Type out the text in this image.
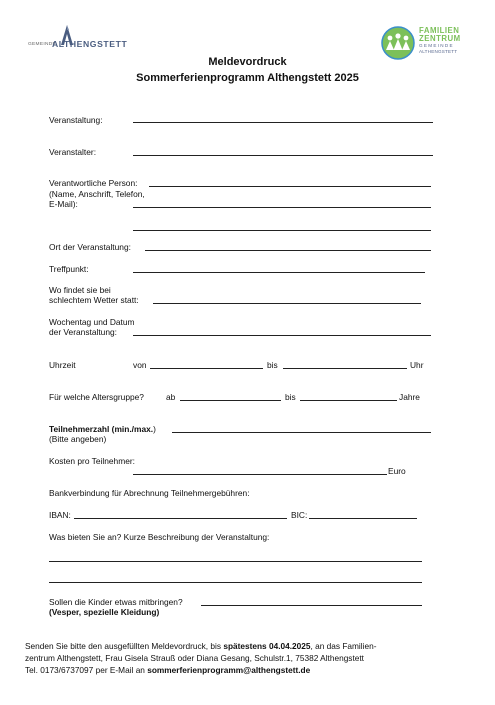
GEMEINDE
ALTHENGSTETT
FAMILIEN
ZENTRUM
GEMEINDE
ALTHENGSTETT
Meldevordruck
Sommerferienprogramm Althengstett 2025
Veranstaltung:
Veranstalter:
Verantwortliche Person:
(Name, Anschrift, Telefon,
E-Mail):
Ort der Veranstaltung:
Treffpunkt:
Wo findet sie bei
schlechtem Wetter statt:
Wochentag und Datum
der Veranstaltung:
Uhrzeit	von	bis	Uhr
Für welche Altersgruppe?	ab	bis	Jahre
Teilnehmerzahl (min./max.)
(Bitte angeben)
Kosten pro Teilnehmer:
Euro
Bankverbindung für Abrechnung Teilnehmergebühren:
IBAN:	BIC:
Was bieten Sie an? Kurze Beschreibung der Veranstaltung:
Sollen die Kinder etwas mitbringen?
(Vesper, spezielle Kleidung)
Senden Sie bitte den ausgefüllten Meldevordruck, bis spätestens 04.04.2025, an das Familien-
zentrum Althengstett, Frau Gisela Strauß oder Diana Gesang, Schulstr.1, 75382 Althengstett
Tel. 0173/6737097 per E-Mail an sommerferienprogramm@althengstett.de
